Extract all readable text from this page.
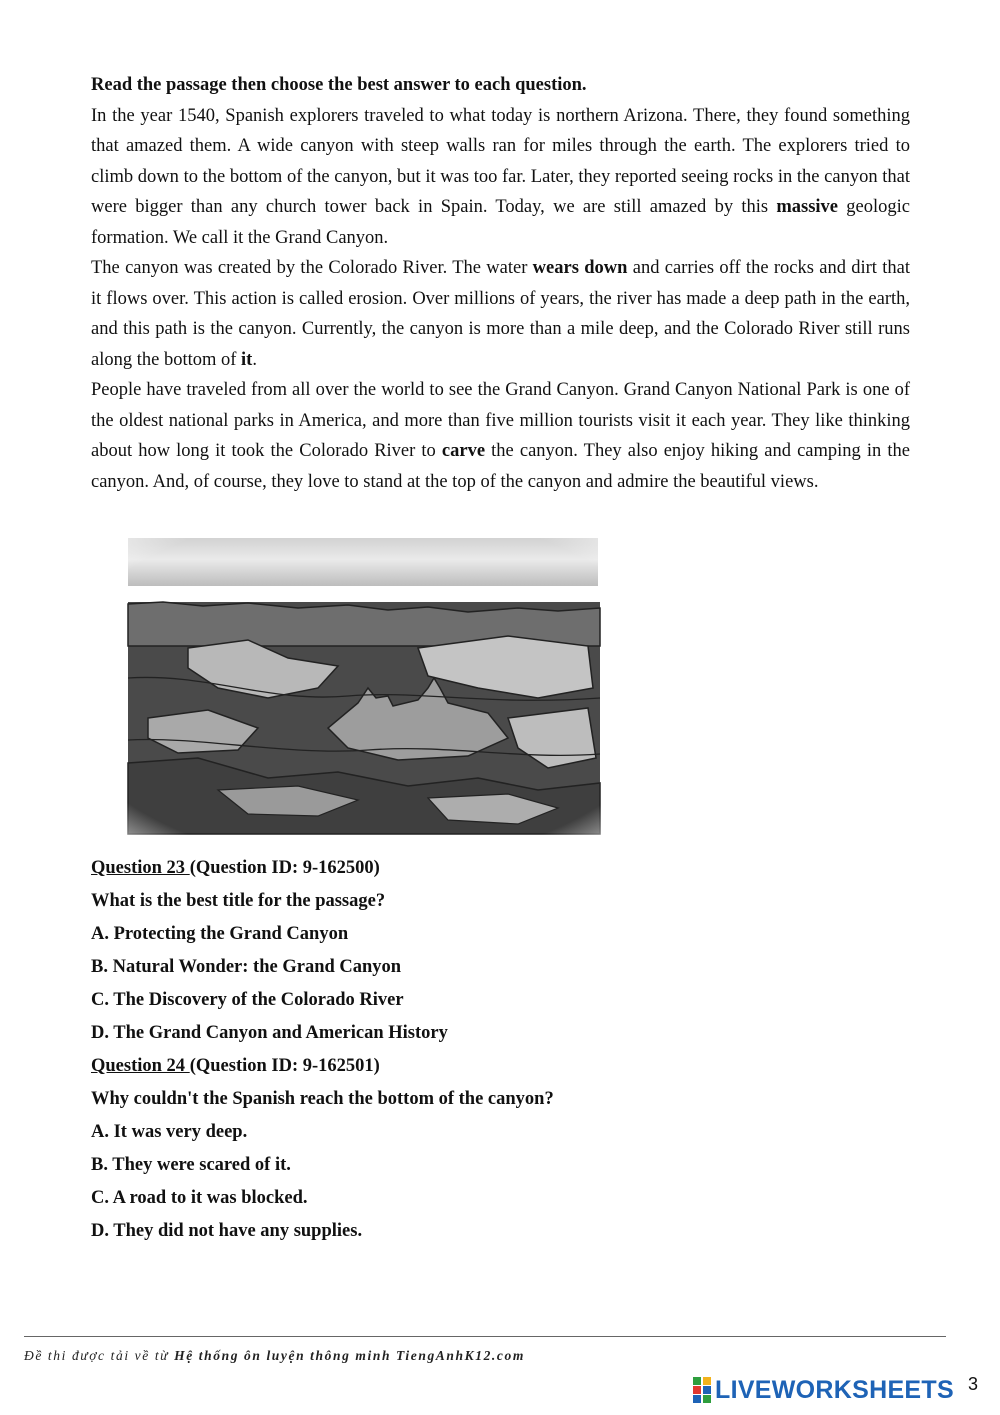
Read the passage then choose the best answer to each question.

In the year 1540, Spanish explorers traveled to what today is northern Arizona. There, they found something that amazed them. A wide canyon with steep walls ran for miles through the earth. The explorers tried to climb down to the bottom of the canyon, but it was too far. Later, they reported seeing rocks in the canyon that were bigger than any church tower back in Spain. Today, we are still amazed by this massive geologic formation. We call it the Grand Canyon.

The canyon was created by the Colorado River. The water wears down and carries off the rocks and dirt that it flows over. This action is called erosion. Over millions of years, the river has made a deep path in the earth, and this path is the canyon. Currently, the canyon is more than a mile deep, and the Colorado River still runs along the bottom of it.

People have traveled from all over the world to see the Grand Canyon. Grand Canyon National Park is one of the oldest national parks in America, and more than five million tourists visit it each year. They like thinking about how long it took the Colorado River to carve the canyon. They also enjoy hiking and camping in the canyon. And, of course, they love to stand at the top of the canyon and admire the beautiful views.

Question 23 (Question ID: 9-162500)
What is the best title for the passage?
A. Protecting the Grand Canyon
B. Natural Wonder: the Grand Canyon
C. The Discovery of the Colorado River
D. The Grand Canyon and American History
Question 24 (Question ID: 9-162501)
Why couldn't the Spanish reach the bottom of the canyon?
A. It was very deep.
B. They were scared of it.
C. A road to it was blocked.
D. They did not have any supplies.
Đề thi được tải về từ Hệ thống ôn luyện thông minh TiengAnhK12.com
LIVEWORKSHEETS 3
